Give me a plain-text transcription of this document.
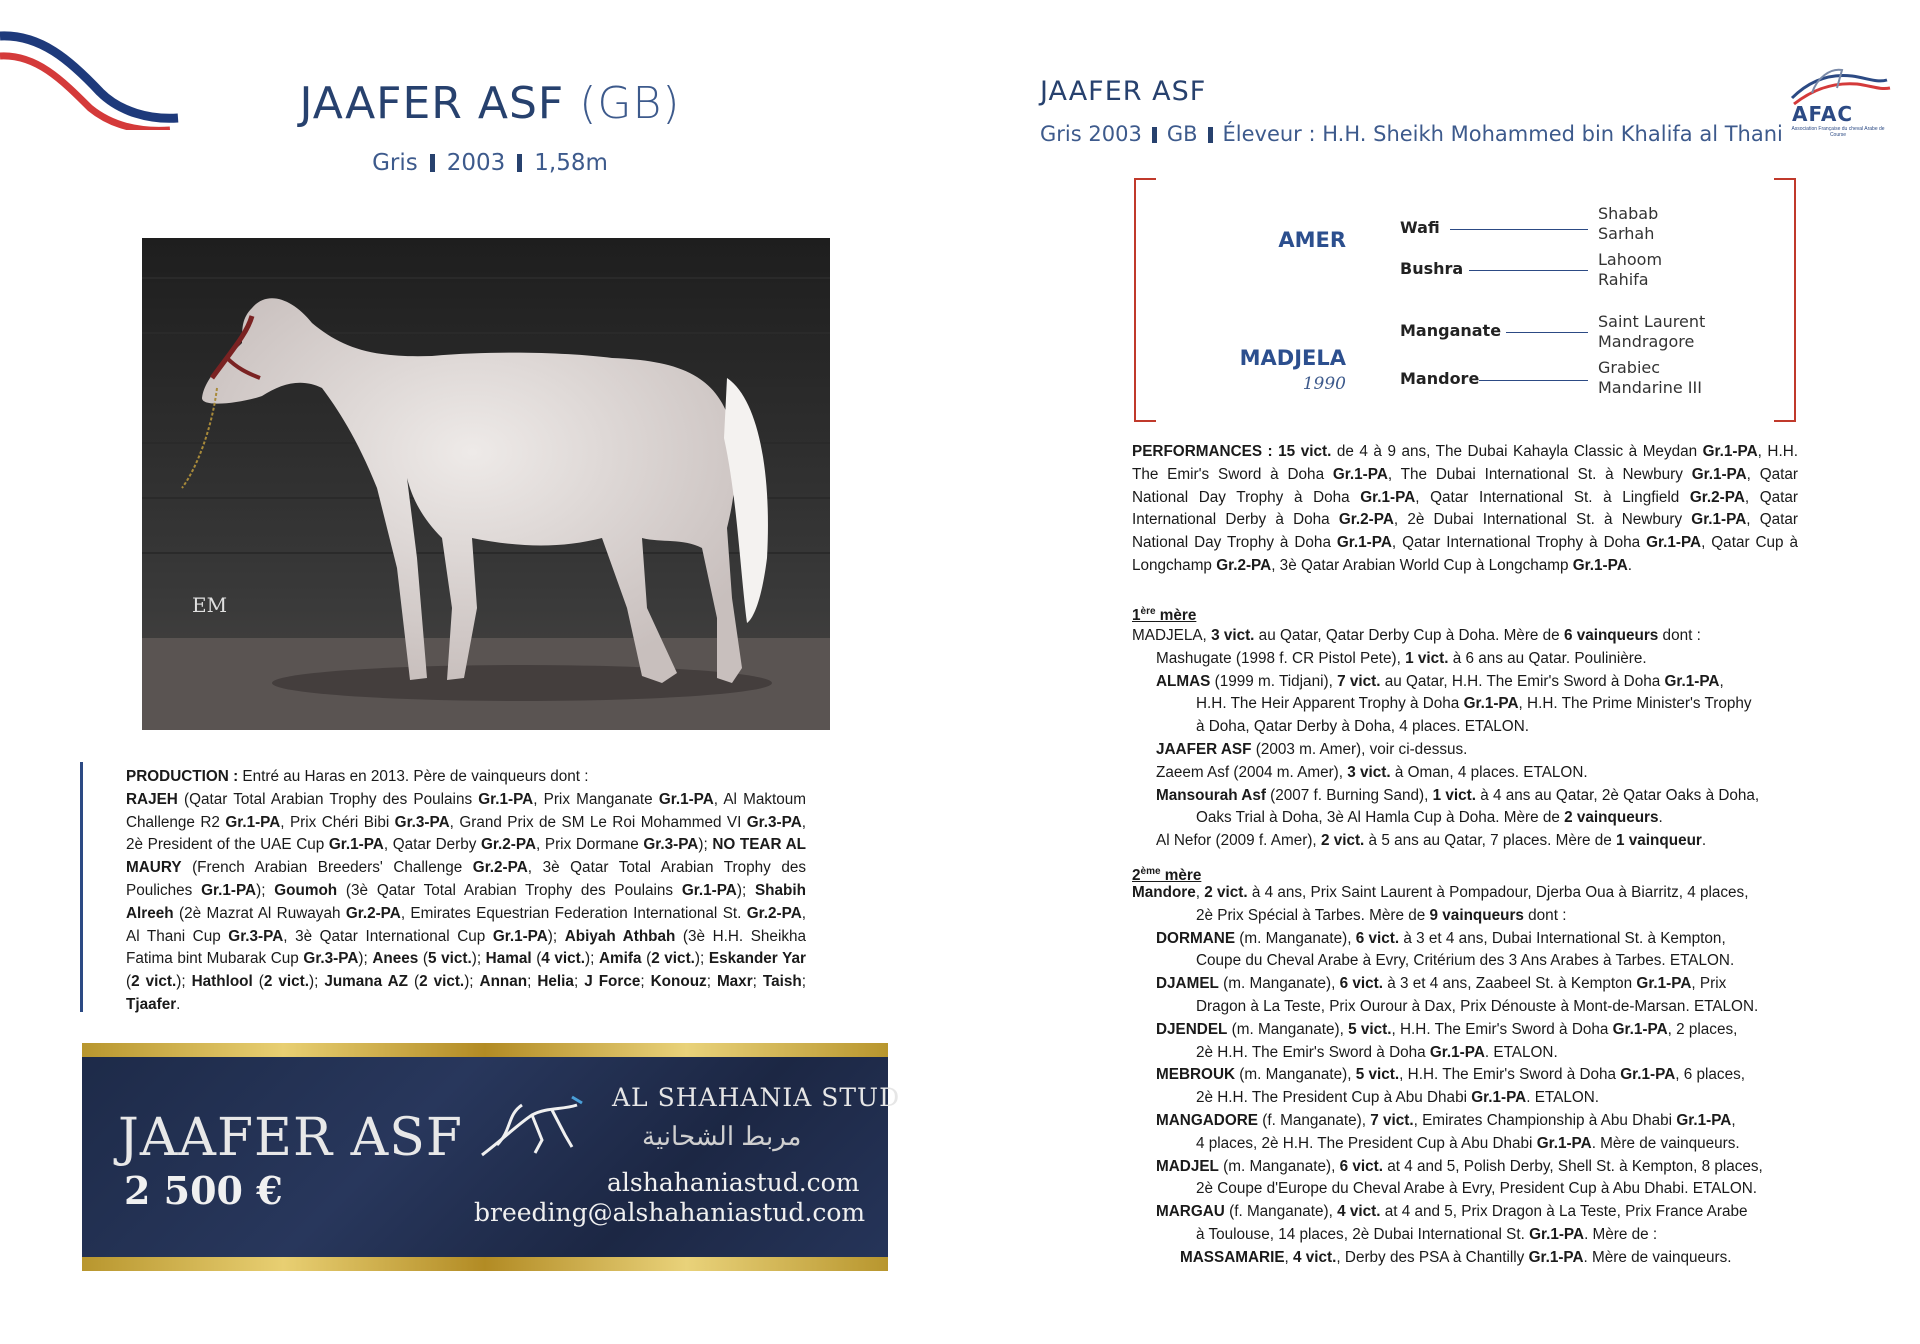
JAAFER ASF (GB)
Gris 2003 1,58m
EM
PRODUCTION : Entré au Haras en 2013. Père de vainqueurs dont :
RAJEH (Qatar Total Arabian Trophy des Poulains Gr.1-PA, Prix Manganate Gr.1-PA, Al Maktoum Challenge R2 Gr.1-PA, Prix Chéri Bibi Gr.3-PA, Grand Prix de SM Le Roi Mohammed VI Gr.3-PA, 2è President of the UAE Cup Gr.1-PA, Qatar Derby Gr.2-PA, Prix Dormane Gr.3-PA); NO TEAR AL MAURY (French Arabian Breeders' Challenge Gr.2-PA, 3è Qatar Total Arabian Trophy des Pouliches Gr.1-PA); Goumoh (3è Qatar Total Arabian Trophy des Poulains Gr.1-PA); Shabih Alreeh (2è Mazrat Al Ruwayah Gr.2-PA, Emirates Equestrian Federation International St. Gr.2-PA, Al Thani Cup Gr.3-PA, 3è Qatar International Cup Gr.1-PA); Abiyah Athbah (3è H.H. Sheikha Fatima bint Mubarak Cup Gr.3-PA); Anees (5 vict.); Hamal (4 vict.); Amifa (2 vict.); Eskander Yar (2 vict.); Hathlool (2 vict.); Jumana AZ (2 vict.); Annan; Helia; J Force; Konouz; Maxr; Taish; Tjaafer.
JAAFER ASF
2 500 €
AL SHAHANIA STUD
مربط الشحانية
alshahaniastud.com
breeding@alshahaniastud.com
JAAFER ASF
Gris 2003 GB Éleveur : H.H. Sheikh Mohammed bin Khalifa al Thani
AFAC
Association Française du cheval Arabe de Course
AMER
MADJELA
1990
Wafi
Bushra
Manganate
Mandore
Shabab
Sarhah
Lahoom
Rahifa
Saint Laurent
Mandragore
Grabiec
Mandarine III
PERFORMANCES : 15 vict. de 4 à 9 ans, The Dubai Kahayla Classic à Meydan Gr.1-PA, H.H. The Emir's Sword à Doha Gr.1-PA, The Dubai International St. à Newbury Gr.1-PA, Qatar National Day Trophy à Doha Gr.1-PA, Qatar International St. à Lingfield Gr.2-PA, Qatar International Derby à Doha Gr.2-PA, 2è Dubai International St. à Newbury Gr.1-PA, Qatar National Day Trophy à Doha Gr.1-PA, Qatar International Trophy à Doha Gr.1-PA, Qatar Cup à Longchamp Gr.2-PA, 3è Qatar Arabian World Cup à Longchamp Gr.1-PA.
1ère mère
MADJELA, 3 vict. au Qatar, Qatar Derby Cup à Doha. Mère de 6 vainqueurs dont :
Mashugate (1998 f. CR Pistol Pete), 1 vict. à 6 ans au Qatar. Poulinière.
ALMAS (1999 m. Tidjani), 7 vict. au Qatar, H.H. The Emir's Sword à Doha Gr.1-PA,
H.H. The Heir Apparent Trophy à Doha Gr.1-PA, H.H. The Prime Minister's Trophy
à Doha, Qatar Derby à Doha, 4 places. ETALON.
JAAFER ASF (2003 m. Amer), voir ci-dessus.
Zaeem Asf (2004 m. Amer), 3 vict. à Oman, 4 places. ETALON.
Mansourah Asf (2007 f. Burning Sand), 1 vict. à 4 ans au Qatar, 2è Qatar Oaks à Doha,
Oaks Trial à Doha, 3è Al Hamla Cup à Doha. Mère de 2 vainqueurs.
Al Nefor (2009 f. Amer), 2 vict. à 5 ans au Qatar, 7 places. Mère de 1 vainqueur.
2ème mère
Mandore, 2 vict. à 4 ans, Prix Saint Laurent à Pompadour, Djerba Oua à Biarritz, 4 places,
2è Prix Spécial à Tarbes. Mère de 9 vainqueurs dont :
DORMANE (m. Manganate), 6 vict. à 3 et 4 ans, Dubai International St. à Kempton,
Coupe du Cheval Arabe à Evry, Critérium des 3 Ans Arabes à Tarbes. ETALON.
DJAMEL (m. Manganate), 6 vict. à 3 et 4 ans, Zaabeel St. à Kempton Gr.1-PA, Prix
Dragon à La Teste, Prix Ourour à Dax, Prix Dénouste à Mont-de-Marsan. ETALON.
DJENDEL (m. Manganate), 5 vict., H.H. The Emir's Sword à Doha Gr.1-PA, 2 places,
2è H.H. The Emir's Sword à Doha Gr.1-PA. ETALON.
MEBROUK (m. Manganate), 5 vict., H.H. The Emir's Sword à Doha Gr.1-PA, 6 places,
2è H.H. The President Cup à Abu Dhabi Gr.1-PA. ETALON.
MANGADORE (f. Manganate), 7 vict., Emirates Championship à Abu Dhabi Gr.1-PA,
4 places, 2è H.H. The President Cup à Abu Dhabi Gr.1-PA. Mère de vainqueurs.
MADJEL (m. Manganate), 6 vict. at 4 and 5, Polish Derby, Shell St. à Kempton, 8 places,
2è Coupe d'Europe du Cheval Arabe à Evry, President Cup à Abu Dhabi. ETALON.
MARGAU (f. Manganate), 4 vict. at 4 and 5, Prix Dragon à La Teste, Prix France Arabe
à Toulouse, 14 places, 2è Dubai International St. Gr.1-PA. Mère de :
MASSAMARIE, 4 vict., Derby des PSA à Chantilly Gr.1-PA. Mère de vainqueurs.
